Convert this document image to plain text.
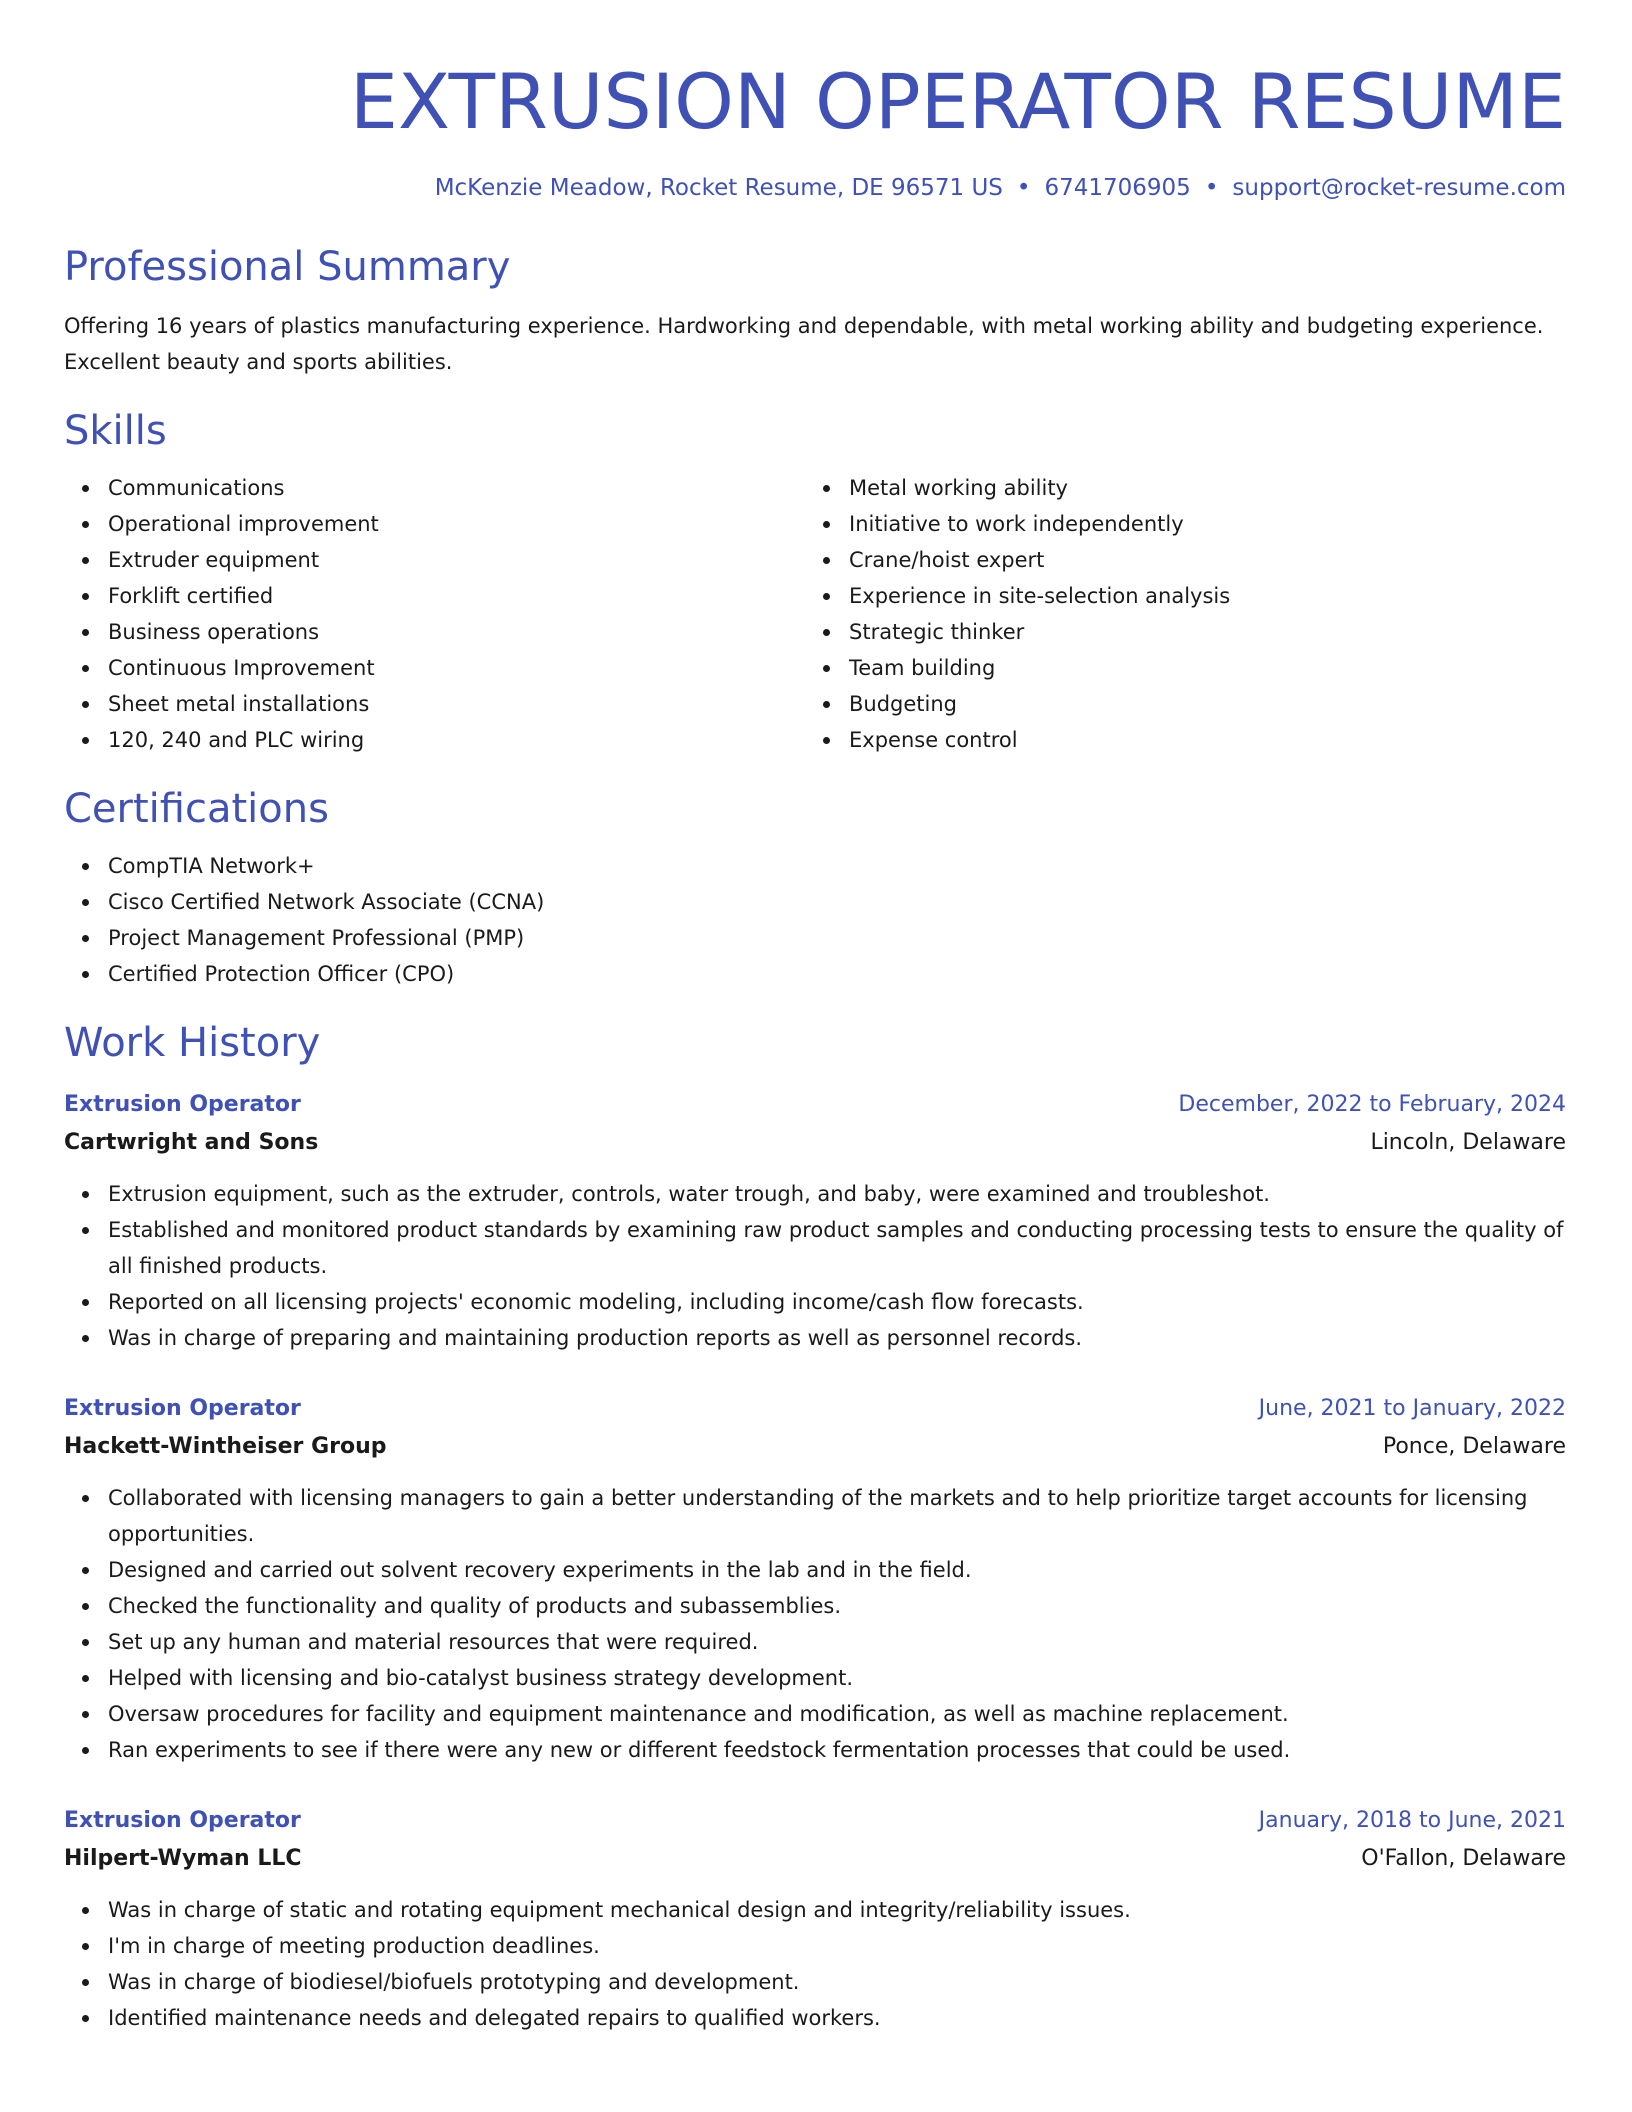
EXTRUSION OPERATOR RESUME
McKenzie Meadow, Rocket Resume, DE 96571 US • 6741706905 • support@rocket-resume.com
Professional Summary
Offering 16 years of plastics manufacturing experience. Hardworking and dependable, with metal working ability and budgeting experience. Excellent beauty and sports abilities.
Skills
Communications
Operational improvement
Extruder equipment
Forklift certified
Business operations
Continuous Improvement
Sheet metal installations
120, 240 and PLC wiring
Metal working ability
Initiative to work independently
Crane/hoist expert
Experience in site-selection analysis
Strategic thinker
Team building
Budgeting
Expense control
Certifications
CompTIA Network+
Cisco Certified Network Associate (CCNA)
Project Management Professional (PMP)
Certified Protection Officer (CPO)
Work History
Extrusion Operator	December, 2022 to February, 2024
Cartwright and Sons	Lincoln, Delaware
Extrusion equipment, such as the extruder, controls, water trough, and baby, were examined and troubleshot.
Established and monitored product standards by examining raw product samples and conducting processing tests to ensure the quality of all finished products.
Reported on all licensing projects' economic modeling, including income/cash flow forecasts.
Was in charge of preparing and maintaining production reports as well as personnel records.
Extrusion Operator	June, 2021 to January, 2022
Hackett-Wintheiser Group	Ponce, Delaware
Collaborated with licensing managers to gain a better understanding of the markets and to help prioritize target accounts for licensing opportunities.
Designed and carried out solvent recovery experiments in the lab and in the field.
Checked the functionality and quality of products and subassemblies.
Set up any human and material resources that were required.
Helped with licensing and bio-catalyst business strategy development.
Oversaw procedures for facility and equipment maintenance and modification, as well as machine replacement.
Ran experiments to see if there were any new or different feedstock fermentation processes that could be used.
Extrusion Operator	January, 2018 to June, 2021
Hilpert-Wyman LLC	O'Fallon, Delaware
Was in charge of static and rotating equipment mechanical design and integrity/reliability issues.
I'm in charge of meeting production deadlines.
Was in charge of biodiesel/biofuels prototyping and development.
Identified maintenance needs and delegated repairs to qualified workers.
